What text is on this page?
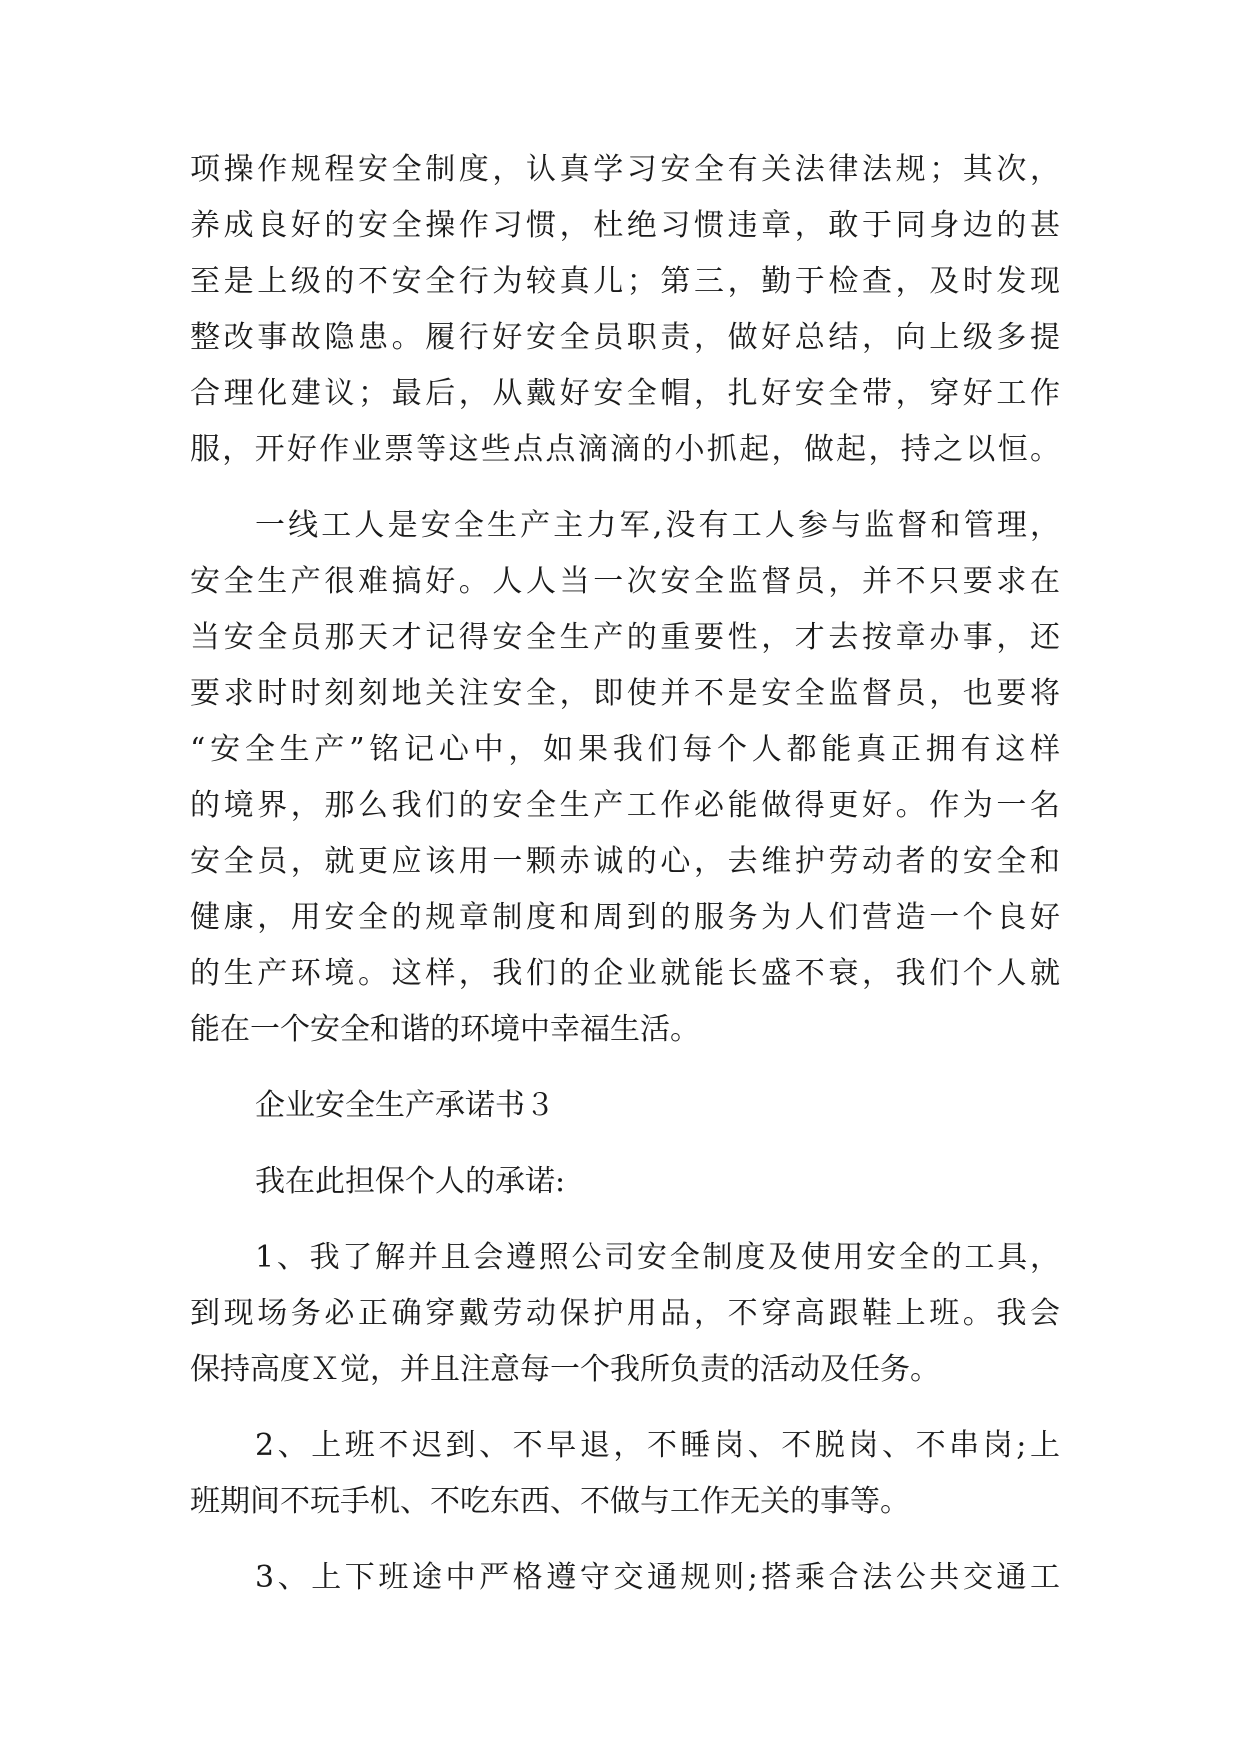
项操作规程安全制度，认真学习安全有关法律法规；其次，
养成良好的安全操作习惯，杜绝习惯违章，敢于同身边的甚
至是上级的不安全行为较真儿；第三，勤于检查，及时发现
整改事故隐患。履行好安全员职责，做好总结，向上级多提
合理化建议；最后，从戴好安全帽，扎好安全带，穿好工作
服，开好作业票等这些点点滴滴的小抓起，做起，持之以恒。
一线工人是安全生产主力军,没有工人参与监督和管理，
安全生产很难搞好。人人当一次安全监督员，并不只要求在
当安全员那天才记得安全生产的重要性，才去按章办事，还
要求时时刻刻地关注安全，即使并不是安全监督员，也要将
“安全生产”铭记心中，如果我们每个人都能真正拥有这样
的境界，那么我们的安全生产工作必能做得更好。作为一名
安全员，就更应该用一颗赤诚的心，去维护劳动者的安全和
健康，用安全的规章制度和周到的服务为人们营造一个良好
的生产环境。这样，我们的企业就能长盛不衰，我们个人就
能在一个安全和谐的环境中幸福生活。
企业安全生产承诺书３
我在此担保个人的承诺:
1、我了解并且会遵照公司安全制度及使用安全的工具，
到现场务必正确穿戴劳动保护用品，不穿高跟鞋上班。我会
保持高度Ｘ觉，并且注意每一个我所负责的活动及任务。
2、上班不迟到、不早退，不睡岗、不脱岗、不串岗;上
班期间不玩手机、不吃东西、不做与工作无关的事等。
3、上下班途中严格遵守交通规则;搭乘合法公共交通工
